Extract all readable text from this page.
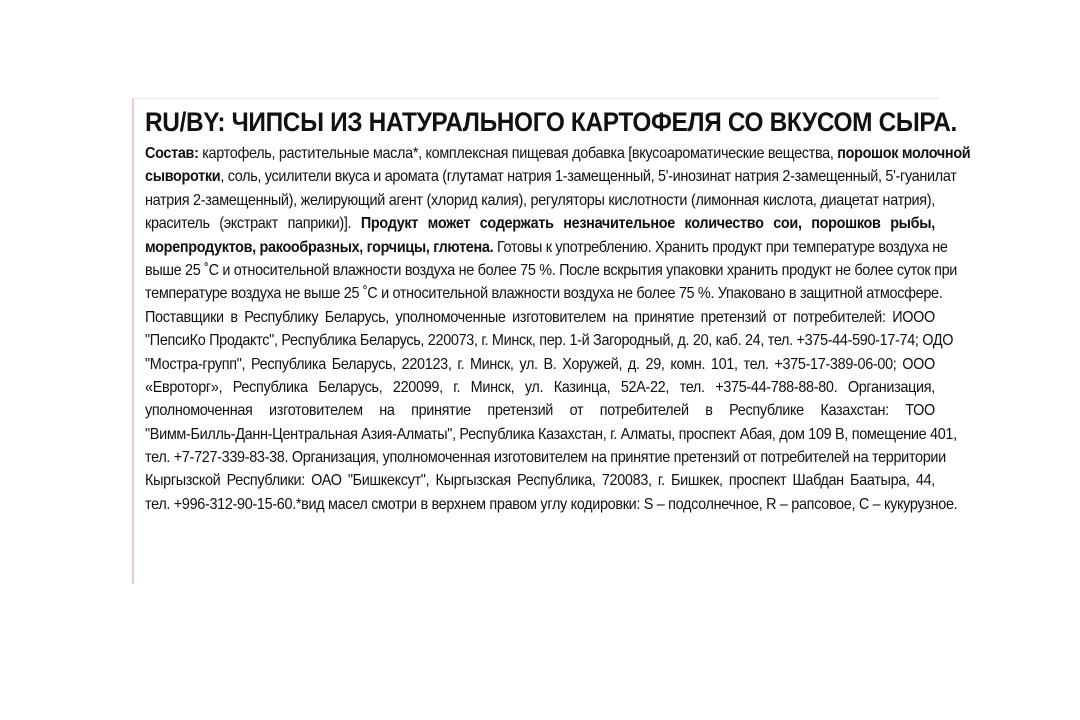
RU/BY: ЧИПСЫ ИЗ НАТУРАЛЬНОГО КАРТОФЕЛЯ СО ВКУСОМ СЫРА.
Состав: картофель, растительные масла*, комплексная пищевая добавка [вкусоароматические вещества, порошок молочной
сыворотки, соль, усилители вкуса и аромата (глутамат натрия 1-замещенный, 5'-инозинат натрия 2-замещенный, 5'-гуанилат
натрия 2-замещенный), желирующий агент (хлорид калия), регуляторы кислотности (лимонная кислота, диацетат натрия),
краситель (экстракт паприки)]. Продукт может содержать незначительное количество сои, порошков рыбы,
морепродуктов, ракообразных, горчицы, глютена. Готовы к употреблению. Хранить продукт при температуре воздуха не
выше 25 ˚С и относительной влажности воздуха не более 75 %. После вскрытия упаковки хранить продукт не более суток при
температуре воздуха не выше 25 ˚С и относительной влажности воздуха не более 75 %. Упаковано в защитной атмосфере.
Поставщики в Республику Беларусь, уполномоченные изготовителем на принятие претензий от потребителей: ИООО
"ПепсиКо Продактс", Республика Беларусь, 220073, г. Минск, пер. 1-й Загородный, д. 20, каб. 24, тел. +375-44-590-17-74; ОДО
"Мостра-групп", Республика Беларусь, 220123, г. Минск, ул. В. Хоружей, д. 29, комн. 101, тел. +375-17-389-06-00; ООО
«Евроторг», Республика Беларусь, 220099, г. Минск, ул. Казинца, 52А-22, тел. +375-44-788-88-80. Организация,
уполномоченная изготовителем на принятие претензий от потребителей в Республике Казахстан: ТОО
"Вимм-Билль-Данн-Центральная Азия-Алматы", Республика Казахстан, г. Алматы, проспект Абая, дом 109 В, помещение 401,
тел. +7-727-339-83-38. Организация, уполномоченная изготовителем на принятие претензий от потребителей на территории
Кыргызской Республики: ОАО "Бишкексут", Кыргызская Республика, 720083, г. Бишкек, проспект Шабдан Баатыра, 44,
тел. +996-312-90-15-60.*вид масел смотри в верхнем правом углу кодировки: S – подсолнечное, R – рапсовое, С – кукурузное.
